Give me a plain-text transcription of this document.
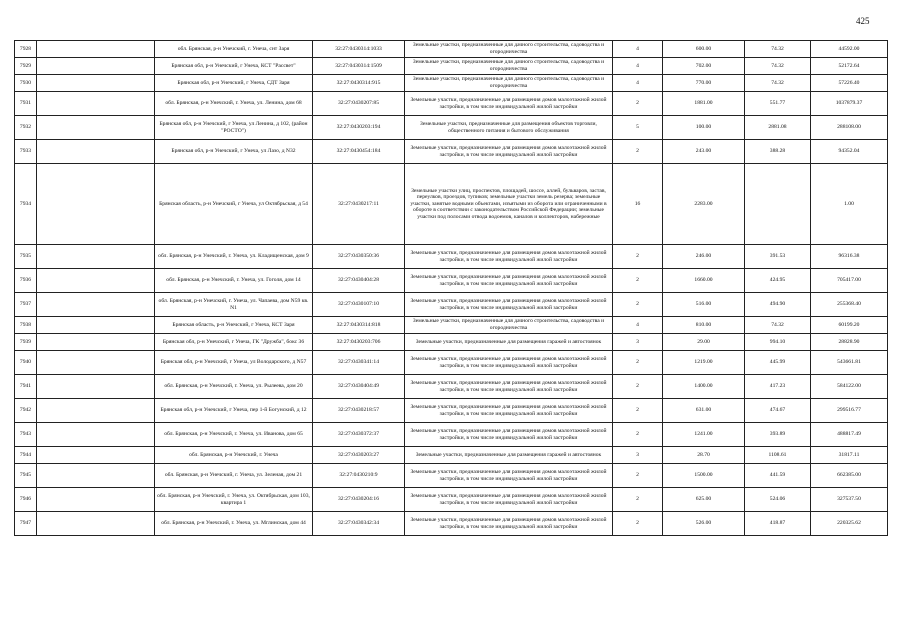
425
7928		обл. Брянская, р-н Унечский, г. Унеча, снт Заря	32:27:0430314:1033	Земельные участки, предназначенные для дачного строительства, садоводства и огородничества	4	600.00	74.32	44592.00
7929		Брянская обл, р-н Унечский, г Унеча, КСТ "Рассвет"	32:27:0430314:1509	Земельные участки, предназначенные для дачного строительства, садоводства и огородничества	4	702.00	74.32	52172.64
7930		Брянская обл, р-н Унечский, г Унеча, СДТ Заря	32:27:0430314:915	Земельные участки, предназначенные для дачного строительства, садоводства и огородничества	4	770.00	74.32	57226.40
7931		обл. Брянская, р-н Унечский, г. Унеча, ул. Ленина, дом 68	32:27:0430207:85	Земельные участки, предназначенные для размещения домов малоэтажной жилой застройки, в том числе индивидуальной жилой застройки	2	1881.00	551.77	1037879.37
7932		Брянская обл, р-н Унечский, г Унеча, ул Ленина, д 102, (район "РОСТО")	32:27:0430203:194	Земельные участки, предназначенные для размещения объектов торговли, общественного питания и бытового обслуживания	5	100.00	2881.08	288108.00
7933		Брянская обл, р-н Унечский, г Унеча, ул Лазо, д N32	32:27:0430454:184	Земельные участки, предназначенные для размещения домов малоэтажной жилой застройки, в том числе индивидуальной жилой застройки	2	243.00	388.28	94352.04
7934		Брянская область, р-н Унечский, г Унеча, ул Октябрьская, д 54	32:27:0430217:11	Земельные участки улиц, проспектов, площадей, шоссе, аллей, бульваров, застав, переулков, проездов, тупиков; земельные участки земель резерва; земельные участки, занятые водными объектами, изъятыми из оборота или ограниченными в обороте в соответствии с законодательством Российской Федерации; земельные участки под полосами отвода водоемов, каналов и коллекторов, набережные	16	2283.00		1.00
7935		обл. Брянская, р-н Унечский, г. Унеча, ул. Кладищенская, дом 9	32:27:0430350:36	Земельные участки, предназначенные для размещения домов малоэтажной жилой застройки, в том числе индивидуальной жилой застройки	2	246.00	391.53	96316.38
7936		обл. Брянская, р-н Унечский, г. Унеча, ул. Гоголя, дом 14	32:27:0430404:28	Земельные участки, предназначенные для размещения домов малоэтажной жилой застройки, в том числе индивидуальной жилой застройки	2	1660.00	424.95	705417.00
7937		обл. Брянская, р-н Унечский, г. Унеча, ул. Чапаева, дом N59 кв. N1	32:27:0430107:10	Земельные участки, предназначенные для размещения домов малоэтажной жилой застройки, в том числе индивидуальной жилой застройки	2	516.00	494.90	255368.40
7938		Брянская область, р-н Унечский, г Унеча, КСТ Заря	32:27:0430314:818	Земельные участки, предназначенные для дачного строительства, садоводства и огородничества	4	810.00	74.32	60199.20
7939		Брянская обл, р-н Унечский, г Унеча, ГК "Дружба", бокс 36	32:27:0430203:706	Земельные участки, предназначенные для размещения гаражей и автостоянок	3	29.00	994.10	28828.90
7940		Брянская обл, р-н Унечский, г Унеча, ул Володарского, д N57	32:27:0430341:14	Земельные участки, предназначенные для размещения домов малоэтажной жилой застройки, в том числе индивидуальной жилой застройки	2	1219.00	445.99	543661.81
7941		обл. Брянская, р-н Унечский, г. Унеча, ул. Рылеева, дом 20	32:27:0430404:49	Земельные участки, предназначенные для размещения домов малоэтажной жилой застройки, в том числе индивидуальной жилой застройки	2	1400.00	417.23	584122.00
7942		Брянская обл, р-н Унечский, г Унеча, пер 1-й Богунский, д 12	32:27:0430218:57	Земельные участки, предназначенные для размещения домов малоэтажной жилой застройки, в том числе индивидуальной жилой застройки	2	631.00	474.67	299516.77
7943		обл. Брянская, р-н Унечский, г. Унеча, ул. Иванова, дом 65	32:27:0430372:37	Земельные участки, предназначенные для размещения домов малоэтажной жилой застройки, в том числе индивидуальной жилой застройки	2	1241.00	393.89	488817.49
7944		обл. Брянская, р-н Унечский, г. Унеча	32:27:0430203:27	Земельные участки, предназначенные для размещения гаражей и автостоянок	3	28.70	1108.61	31817.11
7945		обл. Брянская, р-н Унечский, г. Унеча, ул. Зеленая, дом 21	32:27:0430210:9	Земельные участки, предназначенные для размещения домов малоэтажной жилой застройки, в том числе индивидуальной жилой застройки	2	1500.00	441.59	662385.00
7946		обл. Брянская, р-н Унечский, г. Унеча, ул. Октябрьская, дом 103, квартира 1	32:27:0430204:16	Земельные участки, предназначенные для размещения домов малоэтажной жилой застройки, в том числе индивидуальной жилой застройки	2	625.00	524.06	327537.50
7947		обл. Брянская, р-н Унечский, г. Унеча, ул. Мглинская, дом 44	32:27:0430342:34	Земельные участки, предназначенные для размещения домов малоэтажной жилой застройки, в том числе индивидуальной жилой застройки	2	526.00	418.87	220325.62
